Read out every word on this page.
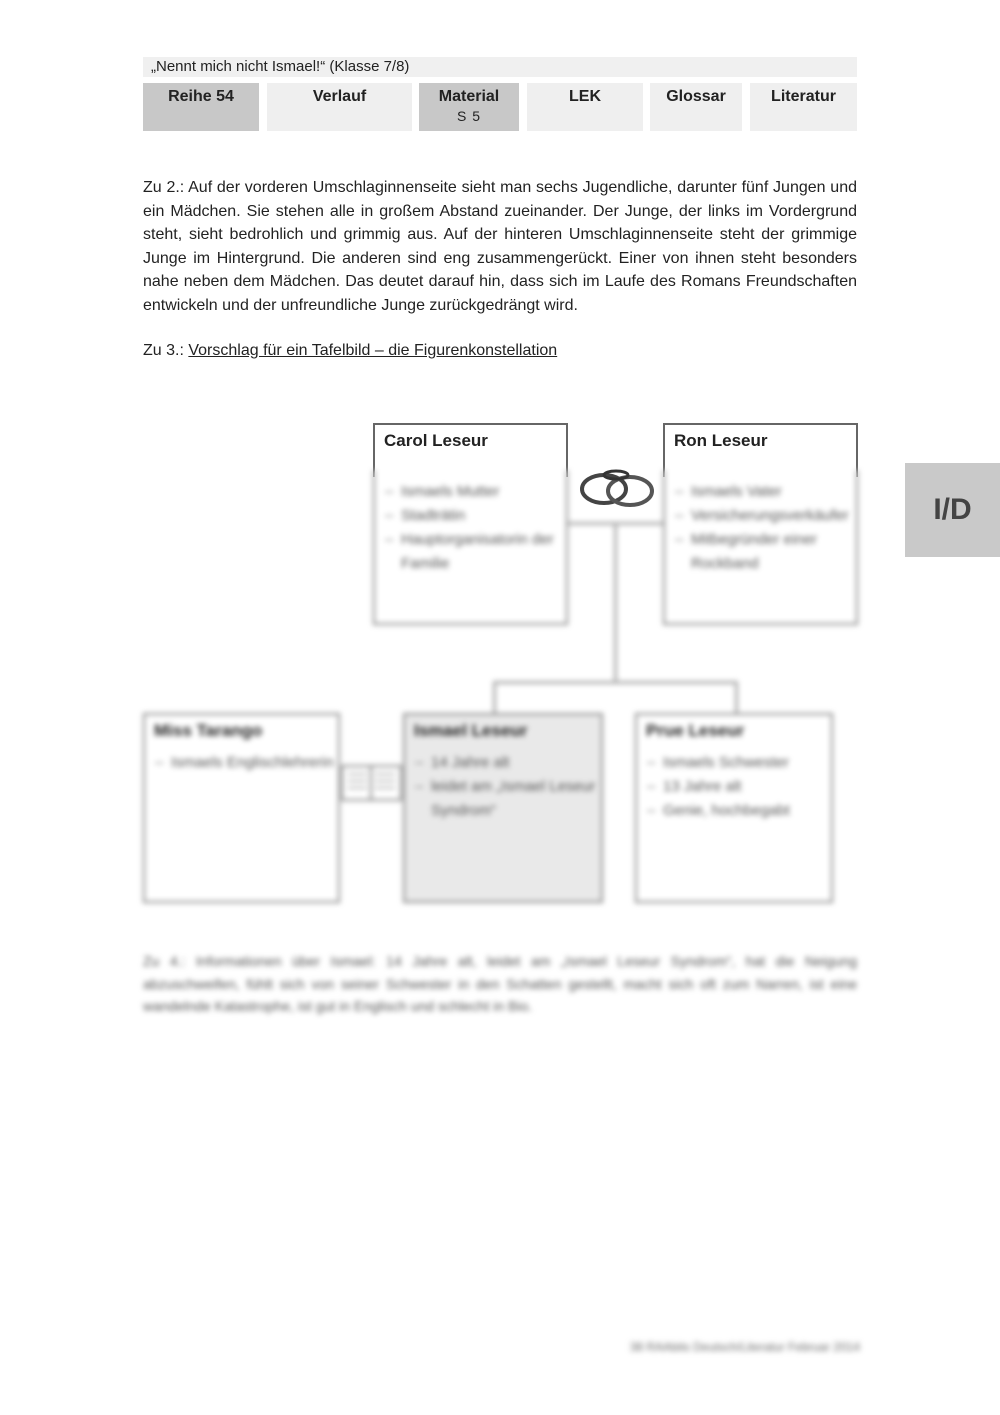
„Nennt mich nicht Ismael!“ (Klasse 7/8)
Reihe 54	Verlauf	Material
S 5
LEK	Glossar	Literatur
I/D
Zu 2.: Auf der vorderen Umschlaginnenseite sieht man sechs Jugendliche, darunter fünf Jungen und ein Mädchen. Sie stehen alle in großem Abstand zueinander. Der Junge, der links im Vordergrund steht, sieht bedrohlich und grimmig aus. Auf der hinteren Umschlaginnenseite steht der grimmige Junge im Hintergrund. Die anderen sind eng zusammengerückt. Einer von ihnen steht besonders nahe neben dem Mädchen. Das deutet darauf hin, dass sich im Laufe des Romans Freundschaften entwickeln und der unfreundliche Junge zurückgedrängt wird.
Zu 3.: Vorschlag für ein Tafelbild – die Figurenkonstellation
Carol Leseur	Ron Leseur
– Ismaels Mutter
– Stadträtin
– Hauptorganisatorin der Familie
– Ismaels Vater
– Versicherungsverkäufer
– Mitbegründer einer Rockband
Miss Tarango
– Ismaels Englischlehrerin
Ismael Leseur
– 14 Jahre alt
– leidet am „Ismael Leseur Syndrom“
Prue Leseur
– Ismaels Schwester
– 13 Jahre alt
– Genie, hochbegabt
Zu 4.: Informationen über Ismael: 14 Jahre alt, leidet am „Ismael Leseur Syndrom“, hat die Neigung abzuschweifen, fühlt sich von seiner Schwester in den Schatten gestellt, macht sich oft zum Narren, ist eine wandelnde Katastrophe, ist gut in Englisch und schlecht in Bio.
38 RAAbits Deutsch/Literatur Februar 2014
